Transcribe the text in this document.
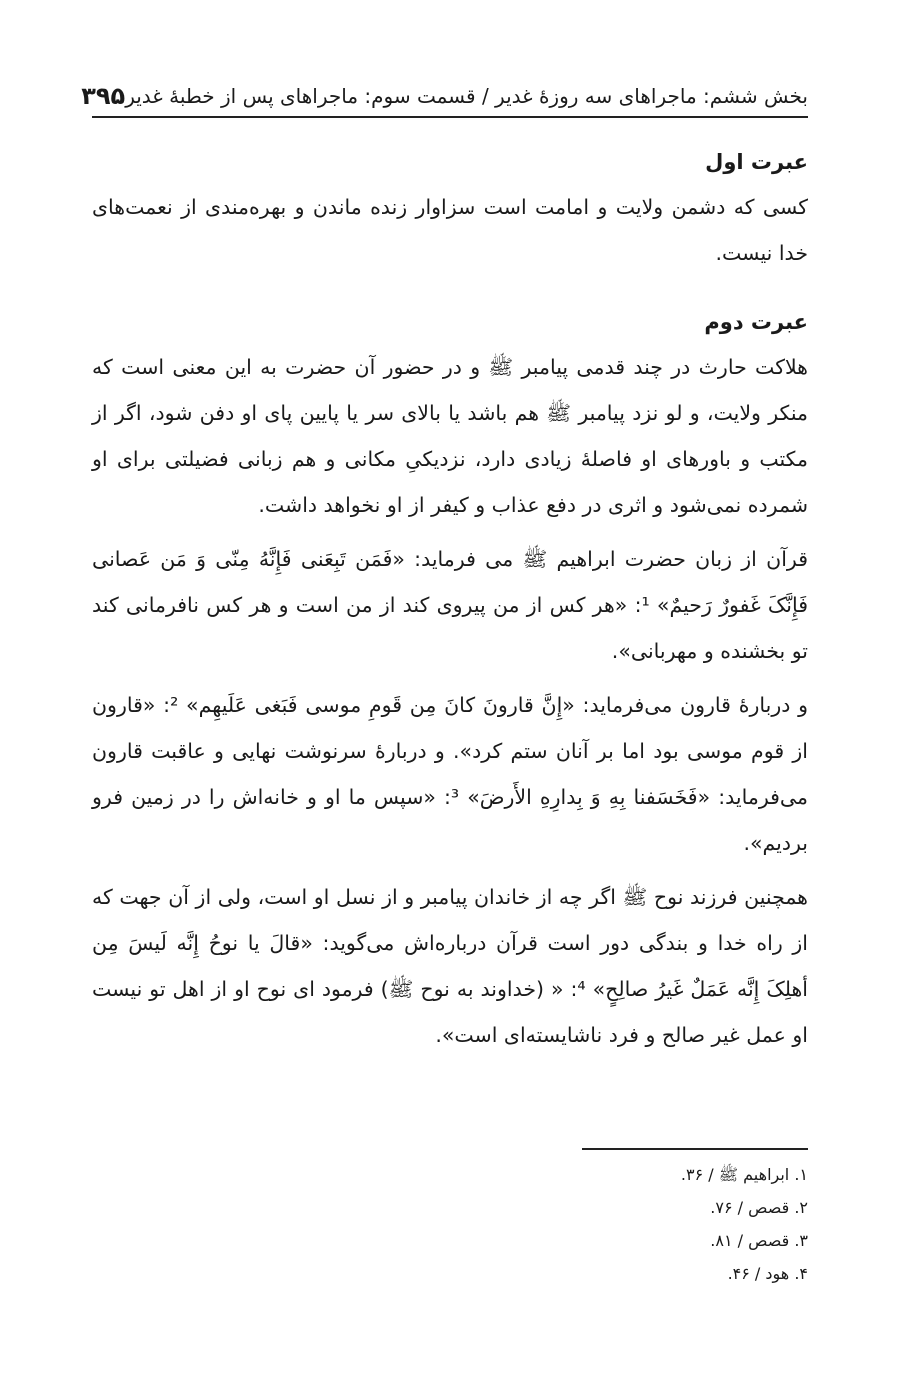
بخش ششم: ماجراهای سه روزهٔ غدیر / قسمت سوم: ماجراهای پس از خطبهٔ غدیر
۳۹۵
عبرت اول

کسی که دشمن ولایت و امامت است سزاوار زنده ماندن و بهره‌مندی از نعمت‌های خدا نیست.

عبرت دوم

هلاکت حارث در چند قدمی پیامبر ﷺ و در حضور آن حضرت به این معنی است که منکر ولایت، و لو نزد پیامبر ﷺ هم باشد یا بالای سر یا پایین پای او دفن شود، اگر از مکتب و باورهای او فاصلهٔ زیادی دارد، نزدیکیِ مکانی و هم زبانی فضیلتی برای او شمرده نمی‌شود و اثری در دفع عذاب و کیفر از او نخواهد داشت.

قرآن از زبان حضرت ابراهیم ﷺ می فرماید: «فَمَن تَبِعَنی فَإِنَّهُ مِنّی وَ مَن عَصانی فَإِنَّکَ غَفورٌ رَحیمٌ» ¹: «هر کس از من پیروی کند از من است و هر کس نافرمانی کند تو بخشنده و مهربانی».

و دربارهٔ قارون می‌فرماید: «إِنَّ قارونَ کانَ مِن قَومِ موسی فَبَغی عَلَیهِم» ²: «قارون از قوم موسی بود اما بر آنان ستم کرد». و دربارهٔ سرنوشت نهایی و عاقبت قارون می‌فرماید: «فَخَسَفنا بِهِ وَ بِدارِهِ الأَرضَ» ³: «سپس ما او و خانه‌اش را در زمین فرو بردیم».

همچنین فرزند نوح ﷺ اگر چه از خاندان پیامبر و از نسل او است، ولی از آن جهت که از راه خدا و بندگی دور است قرآن درباره‌اش می‌گوید: «قالَ یا نوحُ إِنَّه لَیسَ مِن أهلِکَ إِنَّه عَمَلٌ غَیرُ صالِحٍ» ⁴: « (خداوند به نوح ﷺ) فرمود ای نوح او از اهل تو نیست او عمل غیر صالح و فرد ناشایسته‌ای است».

۱. ابراهیم ﷺ / ۳۶.
۲. قصص / ۷۶.
۳. قصص / ۸۱.
۴. هود / ۴۶.
